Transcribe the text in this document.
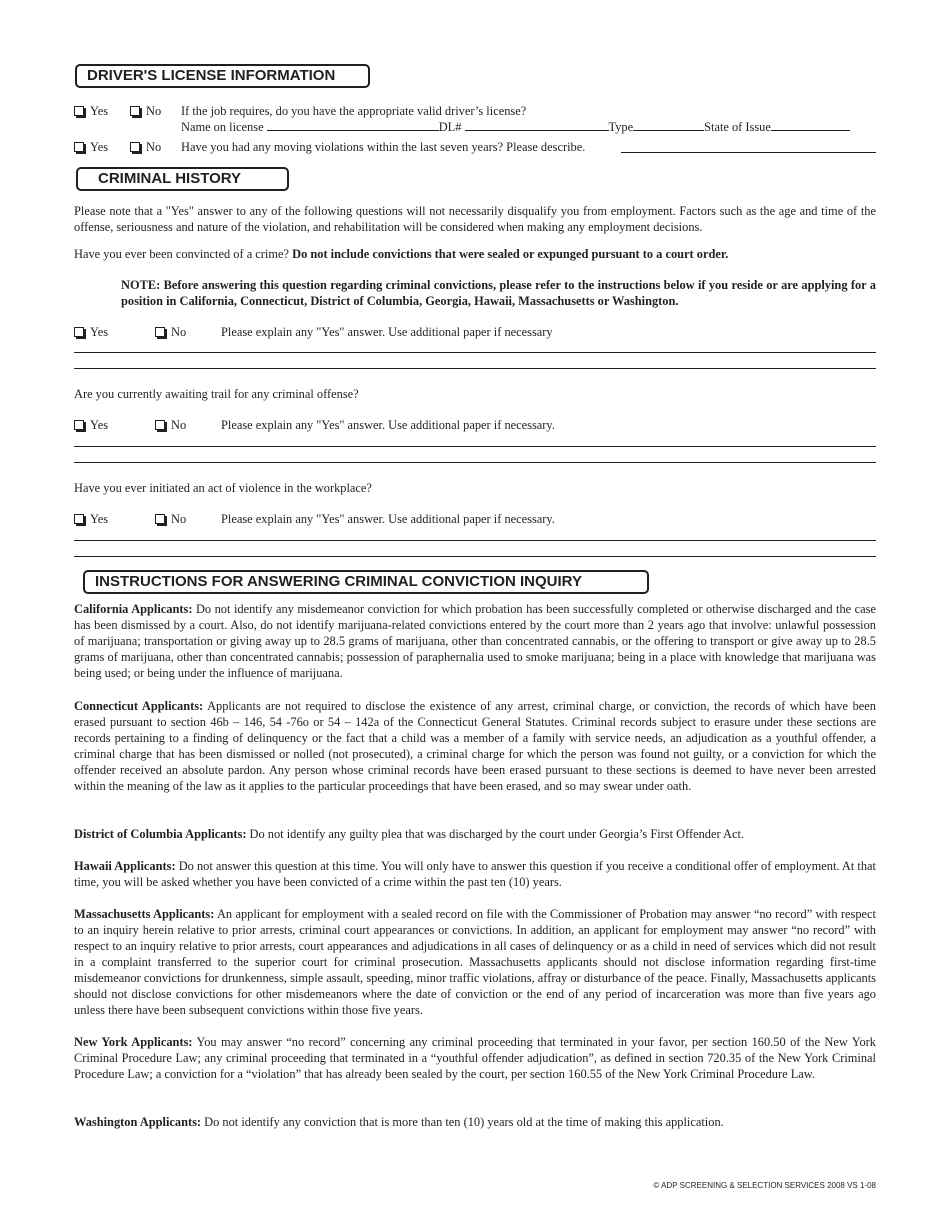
DRIVER'S LICENSE INFORMATION
Yes	No If the job requires, do you have the appropriate valid driver’s license?
Name on license	DL#	Type	State of Issue
Yes	No Have you had any moving violations within the last seven years? Please describe.
CRIMINAL HISTORY
Please note that a "Yes" answer to any of the following questions will not necessarily disqualify you from employment. Factors such as the age and time of the offense, seriousness and nature of the violation, and rehabilitation will be considered when making any employment decisions.
Have you ever been convincted of a crime? Do not include convictions that were sealed or expunged pursuant to a court order.
NOTE: Before answering this question regarding criminal convictions, please refer to the instructions below if you reside or are applying for a position in California, Connecticut, District of Columbia, Georgia, Hawaii, Massachusetts or Washington.
Yes	No	Please explain any "Yes" answer. Use additional paper if necessary
Are you currently awaiting trail for any criminal offense?
Yes	No	Please explain any "Yes" answer. Use additional paper if necessary.
Have you ever initiated an act of violence in the workplace?
Yes	No	Please explain any "Yes" answer. Use additional paper if necessary.
INSTRUCTIONS FOR ANSWERING CRIMINAL CONVICTION INQUIRY
California Applicants: Do not identify any misdemeanor conviction for which probation has been successfully completed or otherwise discharged and the case has been dismissed by a court. Also, do not identify marijuana-related convictions entered by the court more than 2 years ago that involve: unlawful possession of marijuana; transportation or giving away up to 28.5 grams of marijuana, other than concentrated cannabis, or the offering to transport or give away up to 28.5 grams of marijuana, other than concentrated cannabis; possession of paraphernalia used to smoke marijuana; being in a place with knowledge that marijuana was being used; or being under the influence of marijuana.
Connecticut Applicants: Applicants are not required to disclose the existence of any arrest, criminal charge, or conviction, the records of which have been erased pursuant to section 46b – 146, 54 -76o or 54 – 142a of the Connecticut General Statutes. Criminal records subject to erasure under these sections are records pertaining to a finding of delinquency or the fact that a child was a member of a family with service needs, an adjudication as a youthful offender, a criminal charge that has been dismissed or nolled (not prosecuted), a criminal charge for which the person was found not guilty, or a conviction for which the offender received an absolute pardon. Any person whose criminal records have been erased pursuant to these sections is deemed to have never been arrested within the meaning of the law as it applies to the particular proceedings that have been erased, and so may swear under oath.
District of Columbia Applicants: Do not identify any guilty plea that was discharged by the court under Georgia’s First Offender Act.
Hawaii Applicants: Do not answer this question at this time. You will only have to answer this question if you receive a conditional offer of employment. At that time, you will be asked whether you have been convicted of a crime within the past ten (10) years.
Massachusetts Applicants: An applicant for employment with a sealed record on file with the Commissioner of Probation may answer “no record” with respect to an inquiry herein relative to prior arrests, criminal court appearances or convictions. In addition, an applicant for employment may answer “no record” with respect to an inquiry relative to prior arrests, court appearances and adjudications in all cases of delinquency or as a child in need of services which did not result in a complaint transferred to the superior court for criminal prosecution. Massachusetts applicants should not disclose information regarding first-time misdemeanor convictions for drunkenness, simple assault, speeding, minor traffic violations, affray or disturbance of the peace. Finally, Massachusetts applicants should not disclose convictions for other misdemeanors where the date of conviction or the end of any period of incarceration was more than five years ago unless there have been subsequent convictions within those five years.
New York Applicants: You may answer “no record” concerning any criminal proceeding that terminated in your favor, per section 160.50 of the New York Criminal Procedure Law; any criminal proceeding that terminated in a “youthful offender adjudication”, as defined in section 720.35 of the New York Criminal Procedure Law; a conviction for a “violation” that has already been sealed by the court, per section 160.55 of the New York Criminal Procedure Law.
Washington Applicants: Do not identify any conviction that is more than ten (10) years old at the time of making this application.
© ADP SCREENING & SELECTION SERVICES 2008 VS 1-08
